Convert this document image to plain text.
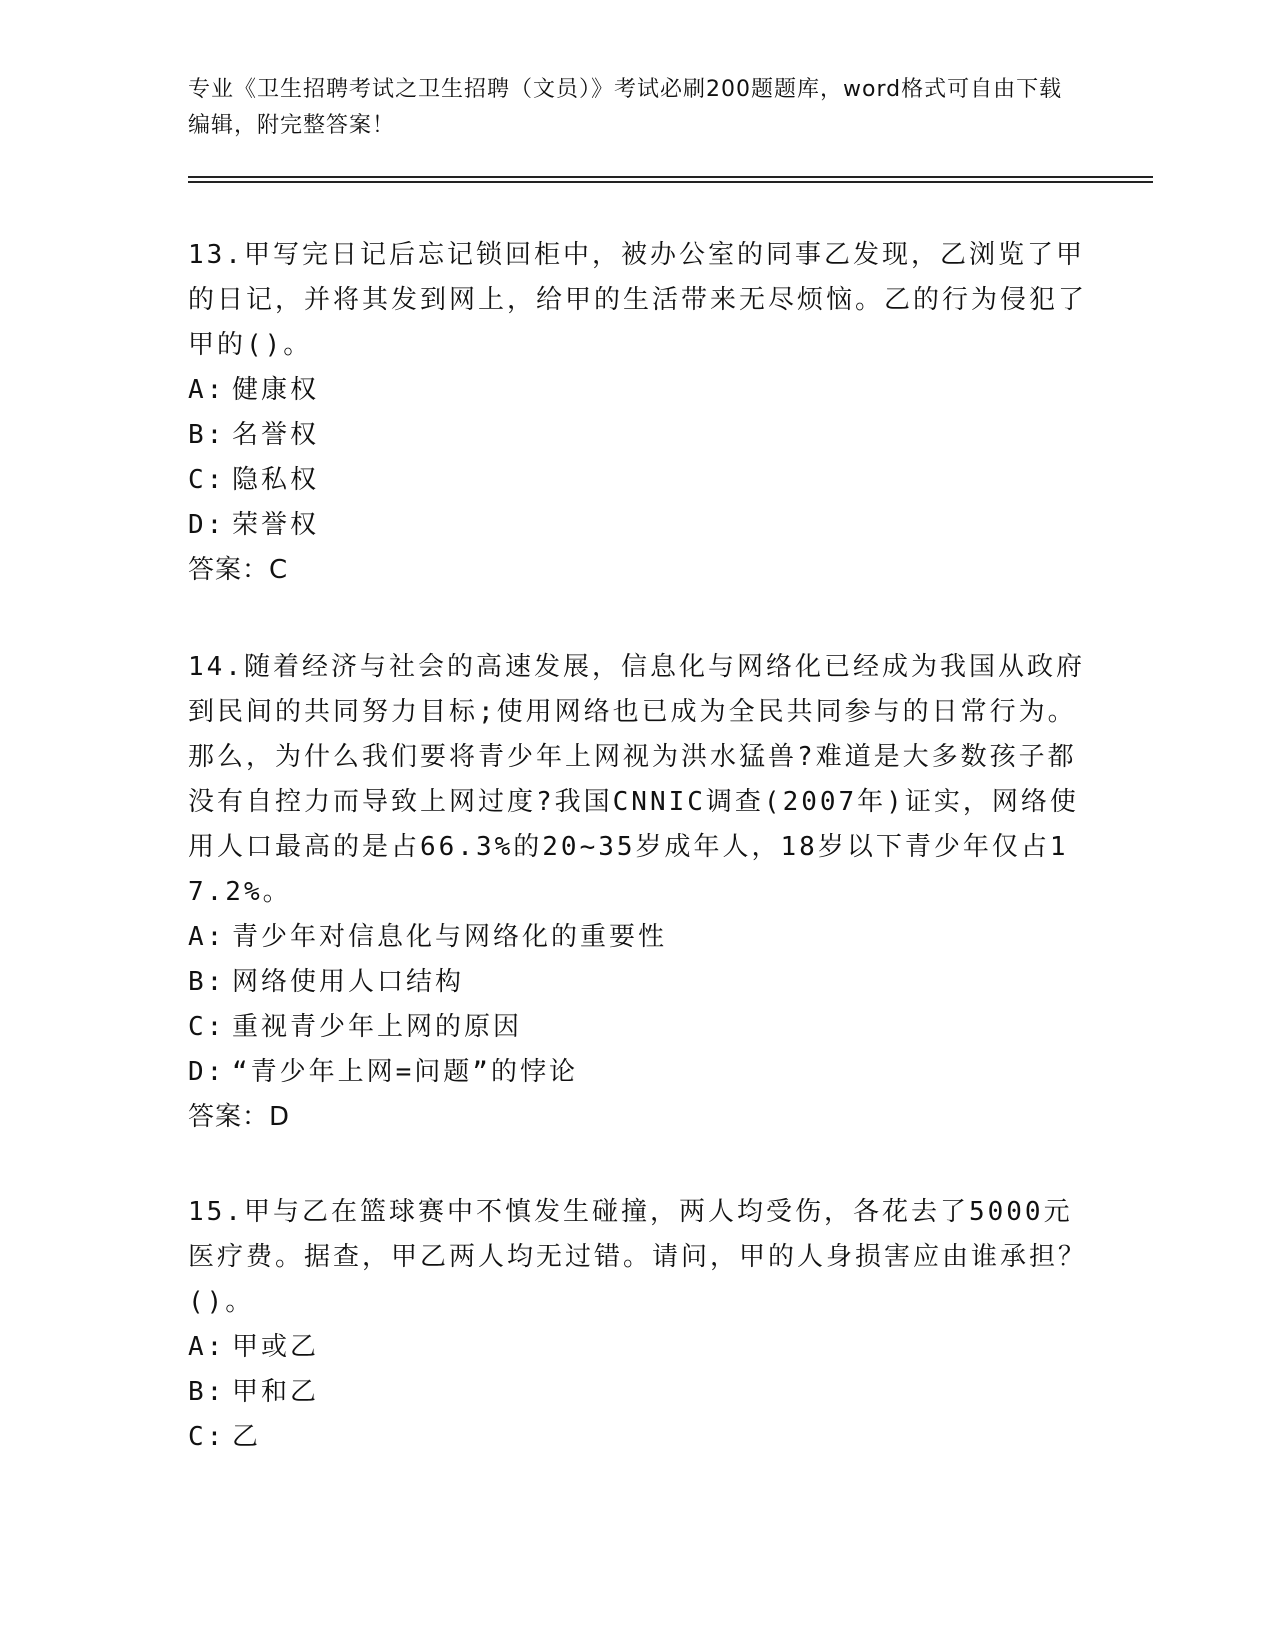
专业《卫生招聘考试之卫生招聘（文员）》考试必刷200题题库，word格式可自由下载编辑，附完整答案！

13.甲写完日记后忘记锁回柜中，被办公室的同事乙发现，乙浏览了甲的日记，并将其发到网上，给甲的生活带来无尽烦恼。乙的行为侵犯了甲的()。

A: 健康权
B: 名誉权
C: 隐私权
D: 荣誉权

答案：C

14.随着经济与社会的高速发展，信息化与网络化已经成为我国从政府到民间的共同努力目标;使用网络也已成为全民共同参与的日常行为。那么，为什么我们要将青少年上网视为洪水猛兽?难道是大多数孩子都没有自控力而导致上网过度?我国CNNIC调查(2007年)证实，网络使用人口最高的是占66.3%的20~35岁成年人，18岁以下青少年仅占17.2%。

A: 青少年对信息化与网络化的重要性
B: 网络使用人口结构
C: 重视青少年上网的原因
D: “青少年上网=问题”的悖论

答案：D

15.甲与乙在篮球赛中不慎发生碰撞，两人均受伤，各花去了5000元医疗费。据查，甲乙两人均无过错。请问，甲的人身损害应由谁承担？()。

A: 甲或乙
B: 甲和乙
C: 乙
